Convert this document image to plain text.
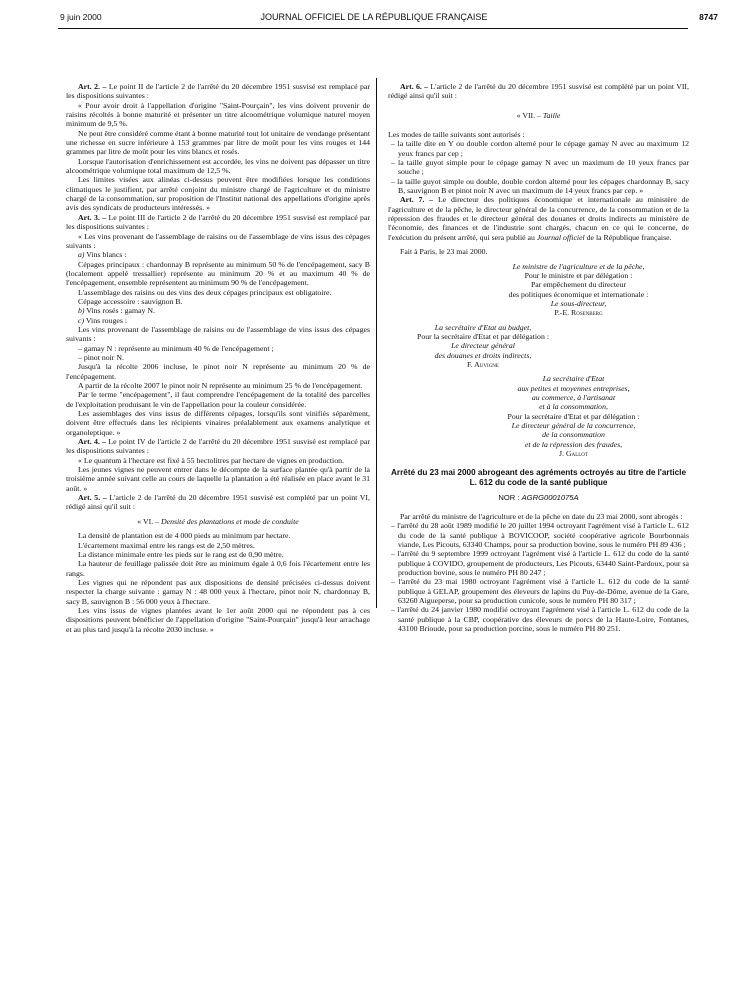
9 juin 2000	JOURNAL OFFICIEL DE LA RÉPUBLIQUE FRANÇAISE	8747

Art. 2. – Le point II de l'article 2 de l'arrêté du 20 décembre 1951 susvisé est remplacé par les dispositions suivantes :

« Pour avoir droit à l'appellation d'origine "Saint-Pourçain", les vins doivent provenir de raisins récoltés à bonne maturité et présenter un titre alcoométrique volumique naturel moyen minimum de 9,5 %.

Ne peut être considéré comme étant à bonne maturité tout lot unitaire de vendange présentant une richesse en sucre inférieure à 153 grammes par litre de moût pour les vins rouges et 144 grammes par litre de moût pour les vins blancs et rosés.

Lorsque l'autorisation d'enrichissement est accordée, les vins ne doivent pas dépasser un titre alcoométrique volumique total maximum de 12,5 %.

Les limites visées aux alinéas ci-dessus peuvent être modifiées lorsque les conditions climatiques le justifient, par arrêté conjoint du ministre chargé de l'agriculture et du ministre chargé de la consommation, sur proposition de l'Institut national des appellations d'origine après avis des syndicats de producteurs intéressés. »

Art. 3. – Le point III de l'article 2 de l'arrêté du 20 décembre 1951 susvisé est remplacé par les dispositions suivantes :

« Les vins provenant de l'assemblage de raisins ou de l'assemblage de vins issus des cépages suivants :

a) Vins blancs :

Cépages principaux : chardonnay B représente au minimum 50 % de l'encépagement, sacy B (localement appelé tressallier) représente au minimum 20 % et au maximum 40 % de l'encépagement, ensemble représentent au minimum 90 % de l'encépagement.

L'assemblage des raisins ou des vins des deux cépages principaux est obligatoire.

Cépage accessoire : sauvignon B.

b) Vins rosés : gamay N.

c) Vins rouges :

Les vins provenant de l'assemblage de raisins ou de l'assemblage de vins issus des cépages suivants :

– gamay N : représente au minimum 40 % de l'encépagement ;

– pinot noir N.

Jusqu'à la récolte 2006 incluse, le pinot noir N représente au minimum 20 % de l'encépagement.

A partir de la récolte 2007 le pinot noir N représente au minimum 25 % de l'encépagement.

Par le terme "encépagement", il faut comprendre l'encépagement de la totalité des parcelles de l'exploitation produisant le vin de l'appellation pour la couleur considérée.

Les assemblages des vins issus de différents cépages, lorsqu'ils sont vinifiés séparément, doivent être effectués dans les récipients vinaires préalablement aux examens analytique et organoleptique. »

Art. 4. – Le point IV de l'article 2 de l'arrêté du 20 décembre 1951 susvisé est remplacé par les dispositions suivantes :

« Le quantum à l'hectare est fixé à 55 hectolitres par hectare de vignes en production.

Les jeunes vignes ne peuvent entrer dans le décompte de la surface plantée qu'à partir de la troisième année suivant celle au cours de laquelle la plantation a été réalisée en place avant le 31 août. »

Art. 5. – L'article 2 de l'arrêté du 20 décembre 1951 susvisé est complété par un point VI, rédigé ainsi qu'il suit :

« VI. – Densité des plantations et mode de conduite

La densité de plantation est de 4 000 pieds au minimum par hectare.

L'écartement maximal entre les rangs est de 2,50 mètres.

La distance minimale entre les pieds sur le rang est de 0,90 mètre.

La hauteur de feuillage palissée doit être au minimum égale à 0,6 fois l'écartement entre les rangs.

Les vignes qui ne répondent pas aux dispositions de densité précisées ci-dessus doivent respecter la charge suivante : gamay N : 48 000 yeux à l'hectare, pinot noir N, chardonnay B, sacy B, sauvignon B : 56 000 yeux à l'hectare.

Les vins issus de vignes plantées avant le 1er août 2000 qui ne répondent pas à ces dispositions peuvent bénéficier de l'appellation d'origine "Saint-Pourçain" jusqu'à leur arrachage et au plus tard jusqu'à la récolte 2030 incluse. »

Art. 6. – L'article 2 de l'arrêté du 20 décembre 1951 susvisé est complété par un point VII, rédigé ainsi qu'il suit :

« VII. – Taille

Les modes de taille suivants sont autorisés :

– la taille dite en Y ou double cordon alterné pour le cépage gamay N avec au maximum 12 yeux francs par cep ;

– la taille guyot simple pour le cépage gamay N avec un maximum de 10 yeux francs par souche ;

– la taille guyot simple ou double, double cordon alterné pour les cépages chardonnay B, sacy B, sauvignon B et pinot noir N avec un maximum de 14 yeux francs par cep. »

Art. 7. – Le directeur des politiques économique et internationale au ministère de l'agriculture et de la pêche, le directeur général de la concurrence, de la consommation et de la répression des fraudes et le directeur général des douanes et droits indirects au ministère de l'économie, des finances et de l'industrie sont chargés, chacun en ce qui le concerne, de l'exécution du présent arrêté, qui sera publié au Journal officiel de la République française.

Fait à Paris, le 23 mai 2000.

Le ministre de l'agriculture et de la pêche,

Pour le ministre et par délégation :

Par empêchement du directeur

des politiques économique et internationale :

Le sous-directeur,

P.-E. Rosenberg

La secrétaire d'Etat au budget,

Pour la secrétaire d'Etat et par délégation :

Le directeur général

des douanes et droits indirects,

F. Auvigne

La secrétaire d'Etat

aux petites et moyennes entreprises,

au commerce, à l'artisanat

et à la consommation,

Pour la secrétaire d'Etat et par délégation :

Le directeur général de la concurrence,

de la consommation

et de la répression des fraudes,

J. Gallot

Arrêté du 23 mai 2000 abrogeant des agréments octroyés au titre de l'article L. 612 du code de la santé publique

NOR : AGRG0001075A

Par arrêté du ministre de l'agriculture et de la pêche en date du 23 mai 2000, sont abrogés :

– l'arrêté du 28 août 1989 modifié le 20 juillet 1994 octroyant l'agrément visé à l'article L. 612 du code de la santé publique à BOVICOOP, société coopérative agricole Bourbonnais viande, Les Picouts, 63340 Champs, pour sa production bovine, sous le numéro PH 89 436 ;

– l'arrêté du 9 septembre 1999 octroyant l'agrément visé à l'article L. 612 du code de la santé publique à COVIDO, groupement de producteurs, Les Picouts, 63440 Saint-Pardoux, pour sa production bovine, sous le numéro PH 80 247 ;

– l'arrêté du 23 mai 1980 octroyant l'agrément visé à l'article L. 612 du code de la santé publique à GELAP, groupement des éleveurs de lapins du Puy-de-Dôme, avenue de la Gare, 63260 Aigueperse, pour sa production cunicole, sous le numéro PH 80 317 ;

– l'arrêté du 24 janvier 1980 modifié octroyant l'agrément visé à l'article L. 612 du code de la santé publique à la CBP, coopérative des éleveurs de porcs de la Haute-Loire, Fontanes, 43100 Brioude, pour sa production porcine, sous le numéro PH 80 251.
